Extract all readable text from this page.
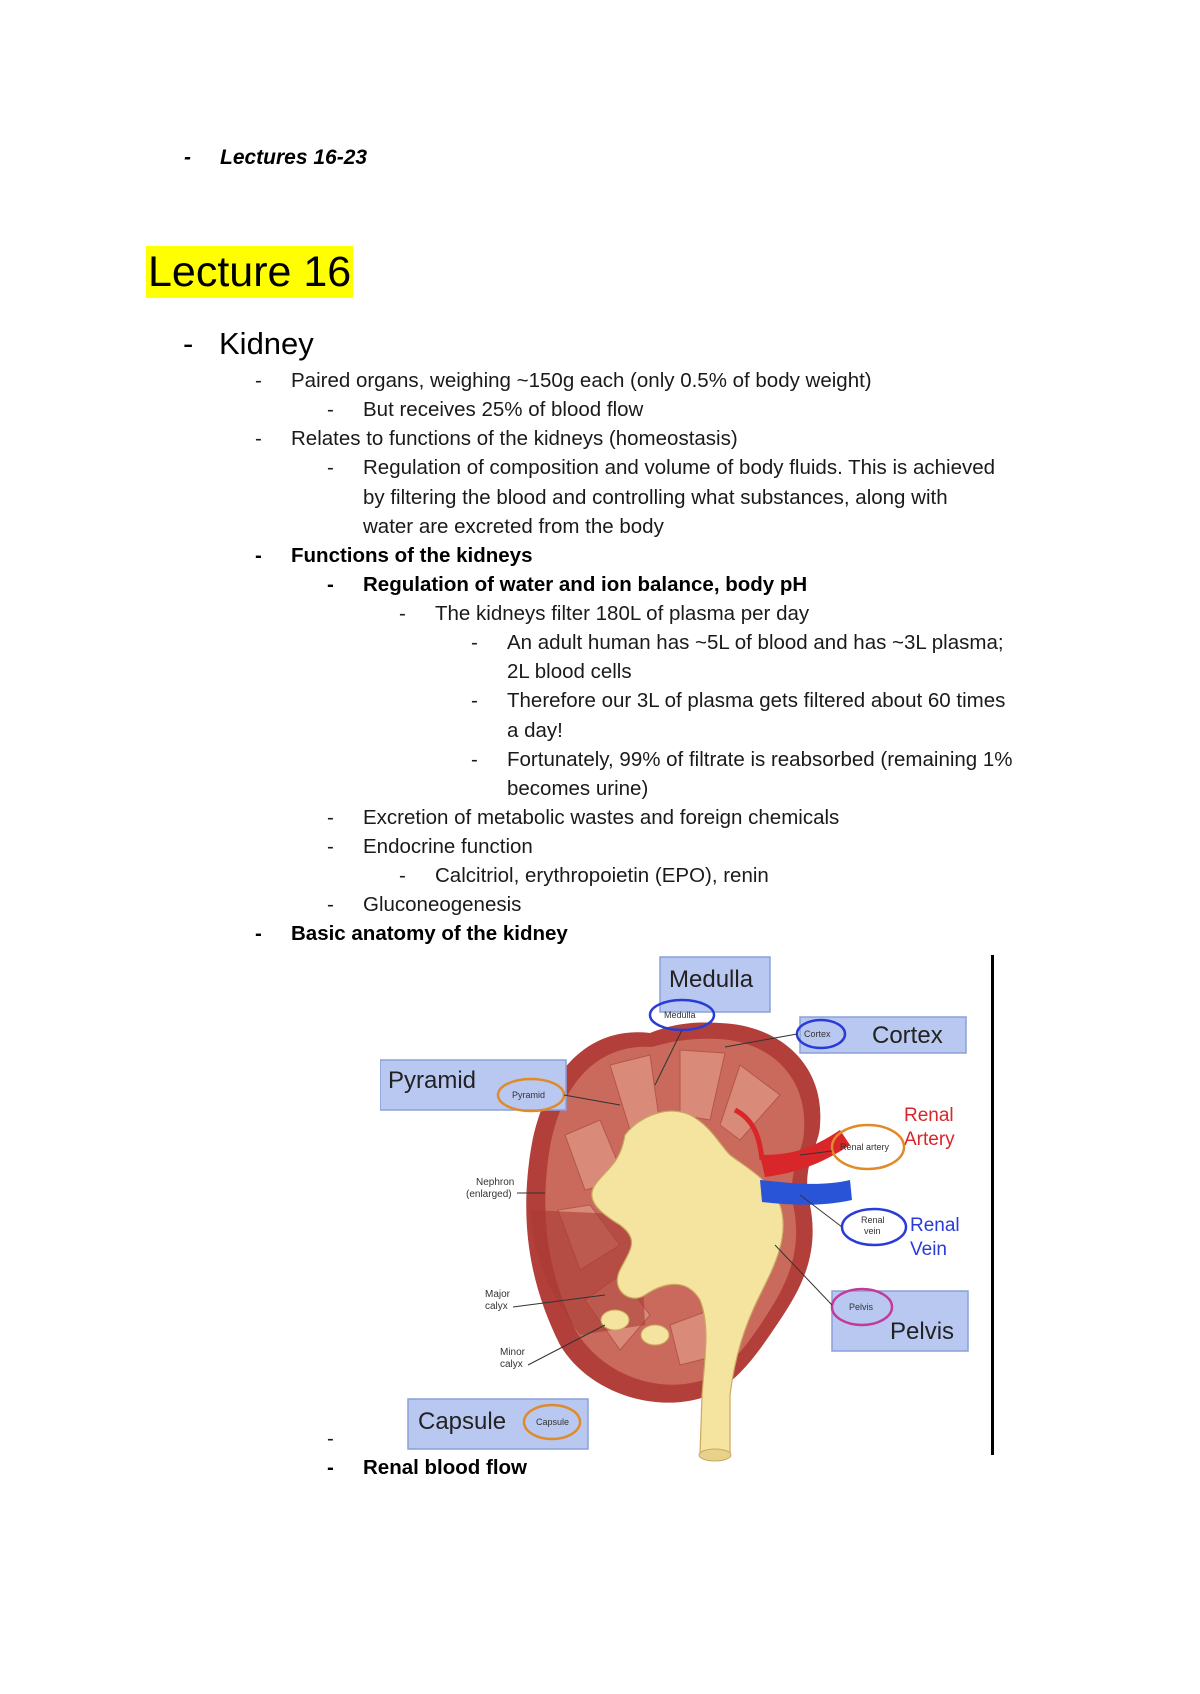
- Lectures 16-23
Lecture 16
- Kidney
- Paired organs, weighing ~150g each (only 0.5% of body weight)
- But receives 25% of blood flow
- Relates to functions of the kidneys (homeostasis)
- Regulation of composition and volume of body fluids. This is achieved
by filtering the blood and controlling what substances, along with
water are excreted from the body
- Functions of the kidneys
- Regulation of water and ion balance, body pH
- The kidneys filter 180L of plasma per day
- An adult human has ~5L of blood and has ~3L plasma;
2L blood cells
- Therefore our 3L of plasma gets filtered about 60 times
a day!
- Fortunately, 99% of filtrate is reabsorbed (remaining 1%
becomes urine)
- Excretion of metabolic wastes and foreign chemicals
- Endocrine function
- Calcitriol, erythropoietin (EPO), renin
- Gluconeogenesis
- Basic anatomy of the kidney
-
- Renal blood flow
Medulla
Medulla
Cortex
Cortex
Pyramid
Pyramid
Renal
Artery
Renal artery
Renal
Vein
Renal
vein
Pelvis
Pelvis
Capsule	Capsule
Nephron
(enlarged)
Major
calyx
Minor
calyx
